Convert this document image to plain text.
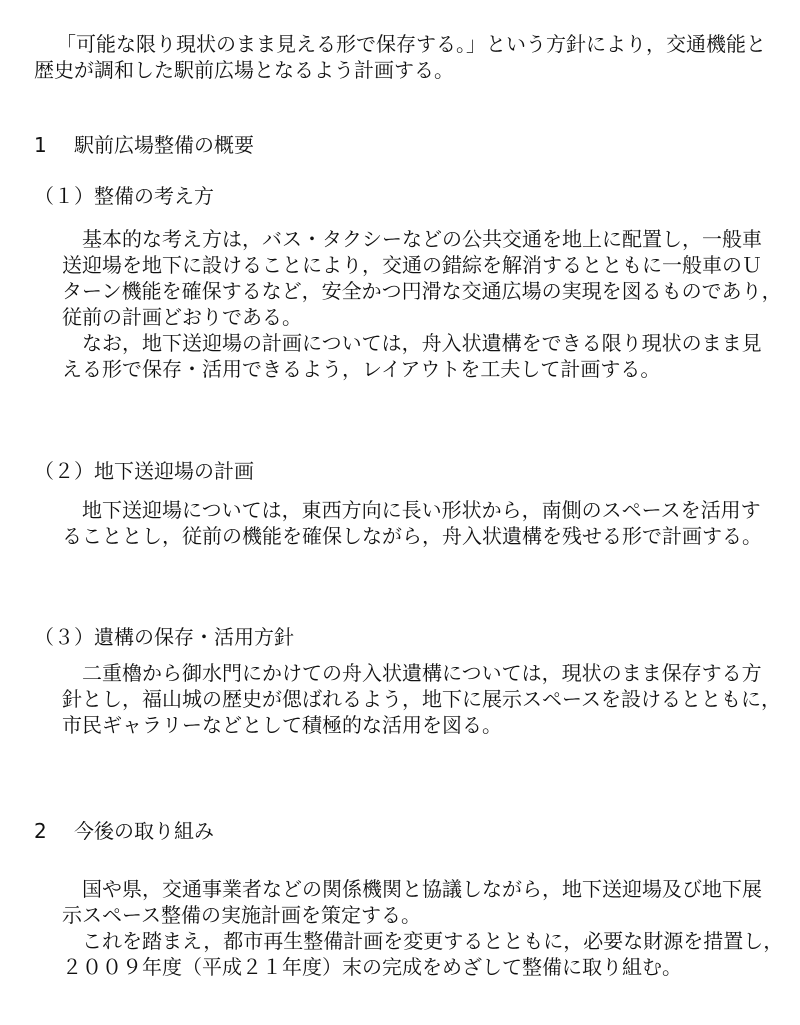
「可能な限り現状のまま見える形で保存する。」という方針により，交通機能と
歴史が調和した駅前広場となるよう計画する。
1 駅前広場整備の概要
（１）整備の考え方
基本的な考え方は，バス・タクシーなどの公共交通を地上に配置し，一般車
送迎場を地下に設けることにより，交通の錯綜を解消するとともに一般車のＵ
ターン機能を確保するなど，安全かつ円滑な交通広場の実現を図るものであり，
従前の計画どおりである。
なお，地下送迎場の計画については，舟入状遺構をできる限り現状のまま見
える形で保存・活用できるよう，レイアウトを工夫して計画する。
（２）地下送迎場の計画
地下送迎場については，東西方向に長い形状から，南側のスペースを活用す
ることとし，従前の機能を確保しながら，舟入状遺構を残せる形で計画する。
（３）遺構の保存・活用方針
二重櫓から御水門にかけての舟入状遺構については，現状のまま保存する方
針とし，福山城の歴史が偲ばれるよう，地下に展示スペースを設けるとともに，
市民ギャラリーなどとして積極的な活用を図る。
2 今後の取り組み
国や県，交通事業者などの関係機関と協議しながら，地下送迎場及び地下展
示スペース整備の実施計画を策定する。
これを踏まえ，都市再生整備計画を変更するとともに，必要な財源を措置し，
２００９年度（平成２１年度）末の完成をめざして整備に取り組む。
